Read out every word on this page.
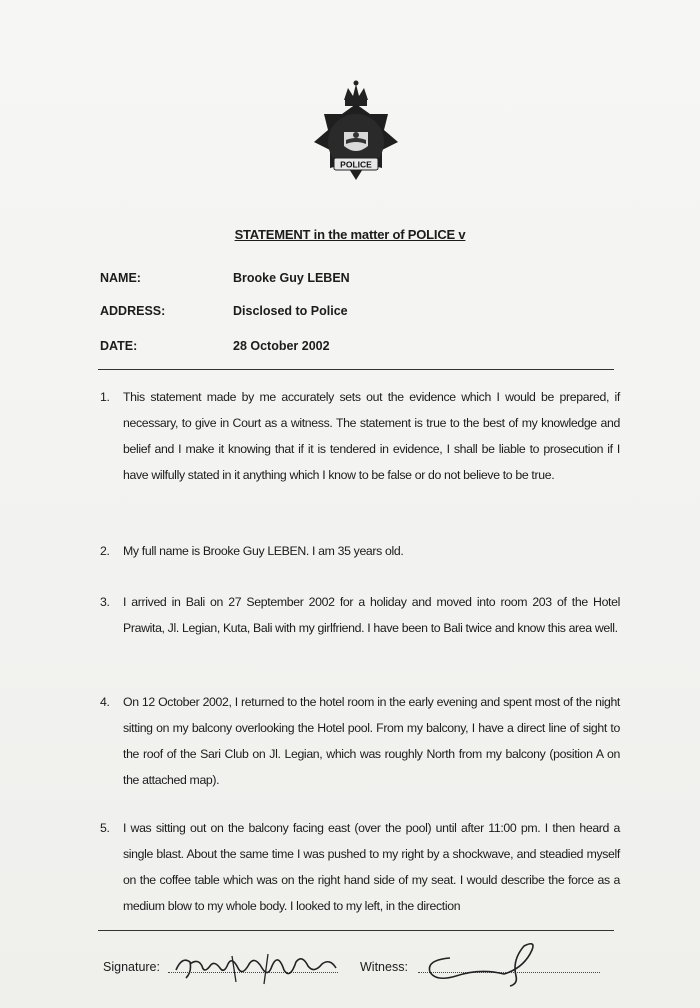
POLICE
STATEMENT in the matter of POLICE v
NAME:	Brooke Guy LEBEN
ADDRESS:	Disclosed to Police
DATE:	28 October 2002
1. This statement made by me accurately sets out the evidence which I would be prepared, if necessary, to give in Court as a witness. The statement is true to the best of my knowledge and belief and I make it knowing that if it is tendered in evidence, I shall be liable to prosecution if I have wilfully stated in it anything which I know to be false or do not believe to be true.
2. My full name is Brooke Guy LEBEN. I am 35 years old.
3. I arrived in Bali on 27 September 2002 for a holiday and moved into room 203 of the Hotel Prawita, Jl. Legian, Kuta, Bali with my girlfriend. I have been to Bali twice and know this area well.
4. On 12 October 2002, I returned to the hotel room in the early evening and spent most of the night sitting on my balcony overlooking the Hotel pool. From my balcony, I have a direct line of sight to the roof of the Sari Club on Jl. Legian, which was roughly North from my balcony (position A on the attached map).
5. I was sitting out on the balcony facing east (over the pool) until after 11:00 pm. I then heard a single blast. About the same time I was pushed to my right by a shockwave, and steadied myself on the coffee table which was on the right hand side of my seat. I would describe the force as a medium blow to my whole body. I looked to my left, in the direction
Signature:	Witness:
